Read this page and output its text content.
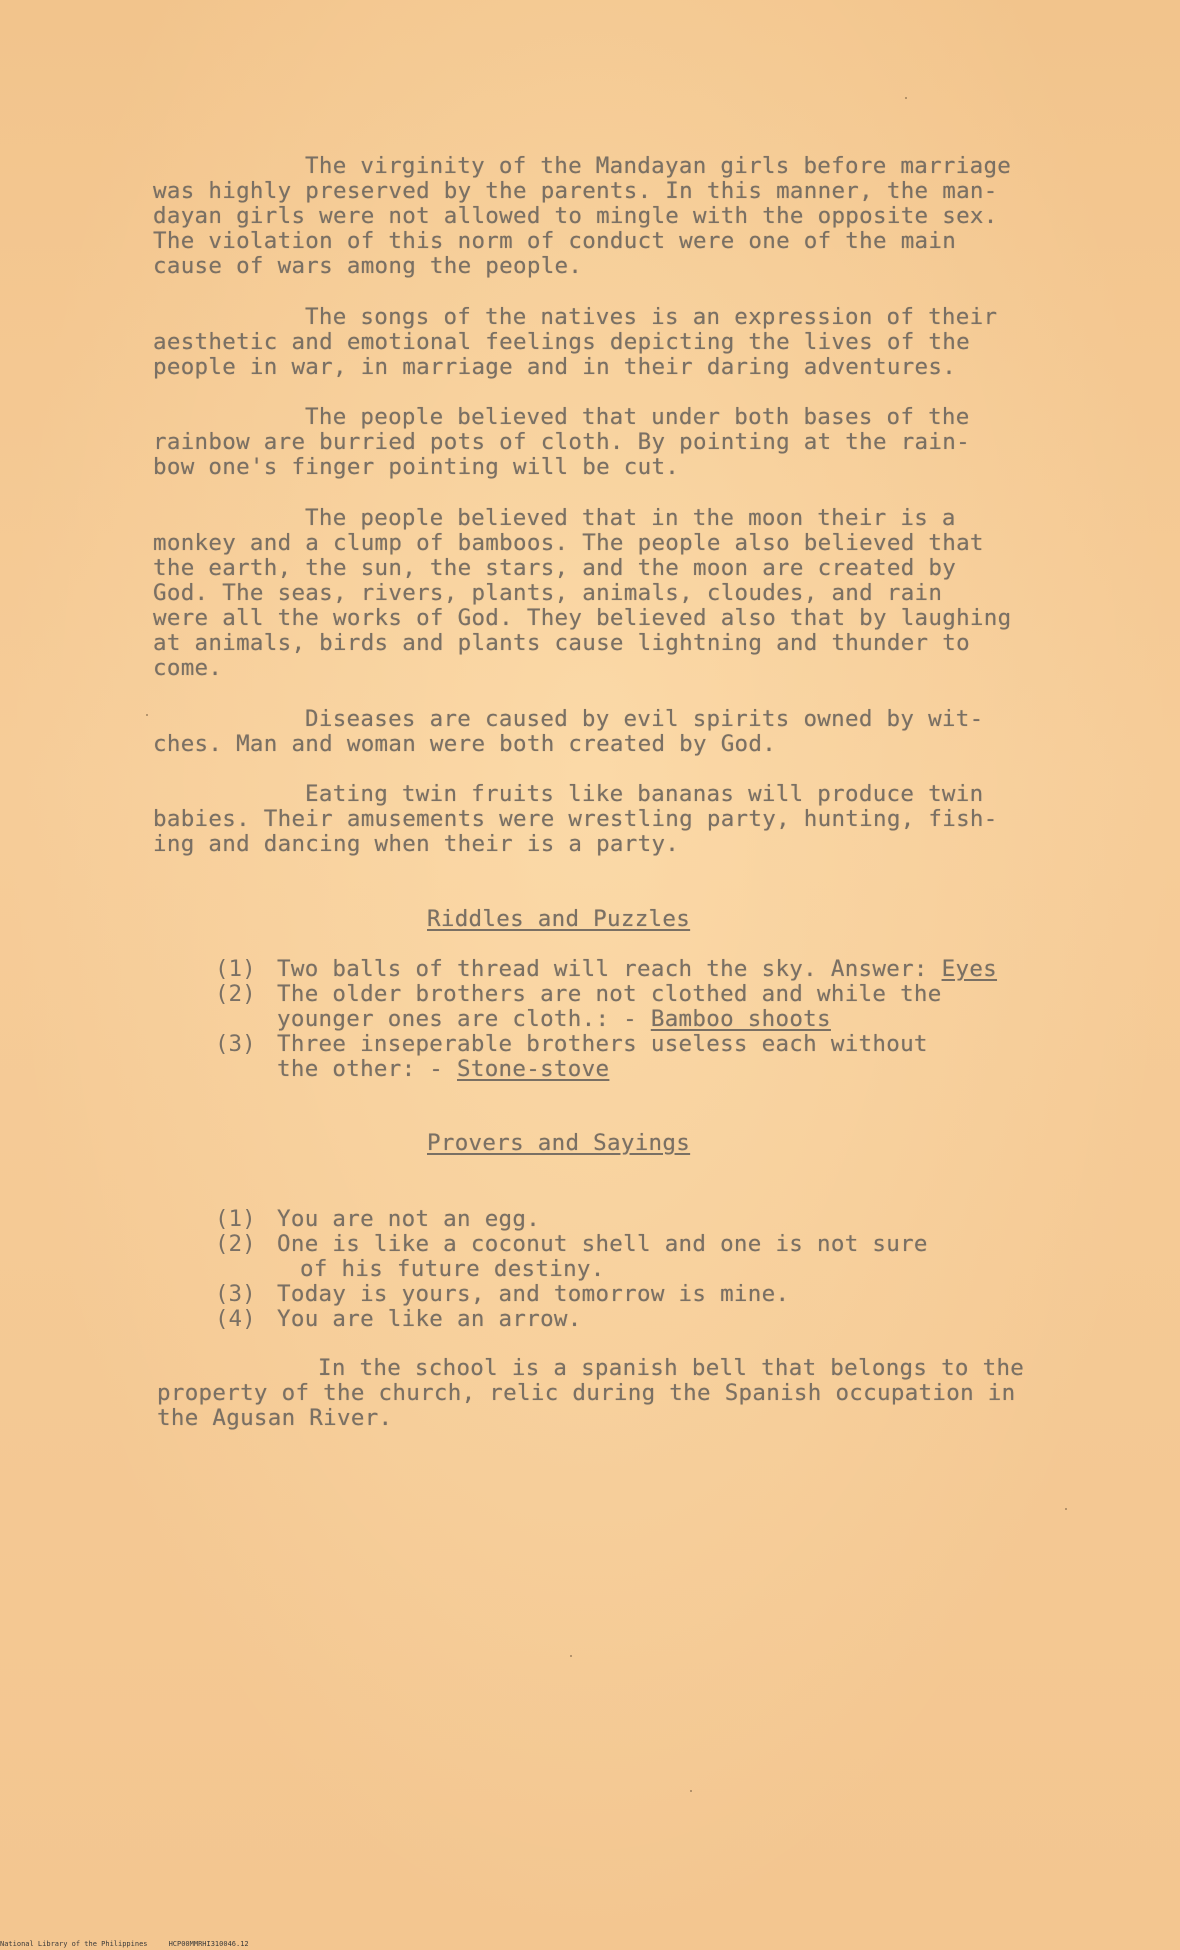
The virginity of the Mandayan girls before marriage
was highly preserved by the parents. In this manner, the man-
dayan girls were not allowed to mingle with the opposite sex.
The violation of this norm of conduct were one of the main
cause of wars among the people.
The songs of the natives is an expression of their
aesthetic and emotional feelings depicting the lives of the
people in war, in marriage and in their daring adventures.
The people believed that under both bases of the
rainbow are burried pots of cloth. By pointing at the rain-
bow one's finger pointing will be cut.
The people believed that in the moon their is a
monkey and a clump of bamboos. The people also believed that
the earth, the sun, the stars, and the moon are created by
God. The seas, rivers, plants, animals, cloudes, and rain
were all the works of God. They believed also that by laughing
at animals, birds and plants cause lightning and thunder to
come.
Diseases are caused by evil spirits owned by wit-
ches. Man and woman were both created by God.
Eating twin fruits like bananas will produce twin
babies. Their amusements were wrestling party, hunting, fish-
ing and dancing when their is a party.
Riddles and Puzzles
(1) Two balls of thread will reach the sky. Answer: Eyes
(2) The older brothers are not clothed and while the
younger ones are cloth.: - Bamboo shoots
(3) Three inseperable brothers useless each without
the other: - Stone-stove
Provers and Sayings
(1) You are not an egg.
(2) One is like a coconut shell and one is not sure
of his future destiny.
(3) Today is yours, and tomorrow is mine.
(4) You are like an arrow.
In the school is a spanish bell that belongs to the
property of the church, relic during the Spanish occupation in
the Agusan River.
National Library of the Philippines     HCP00MMRHI310046.12
